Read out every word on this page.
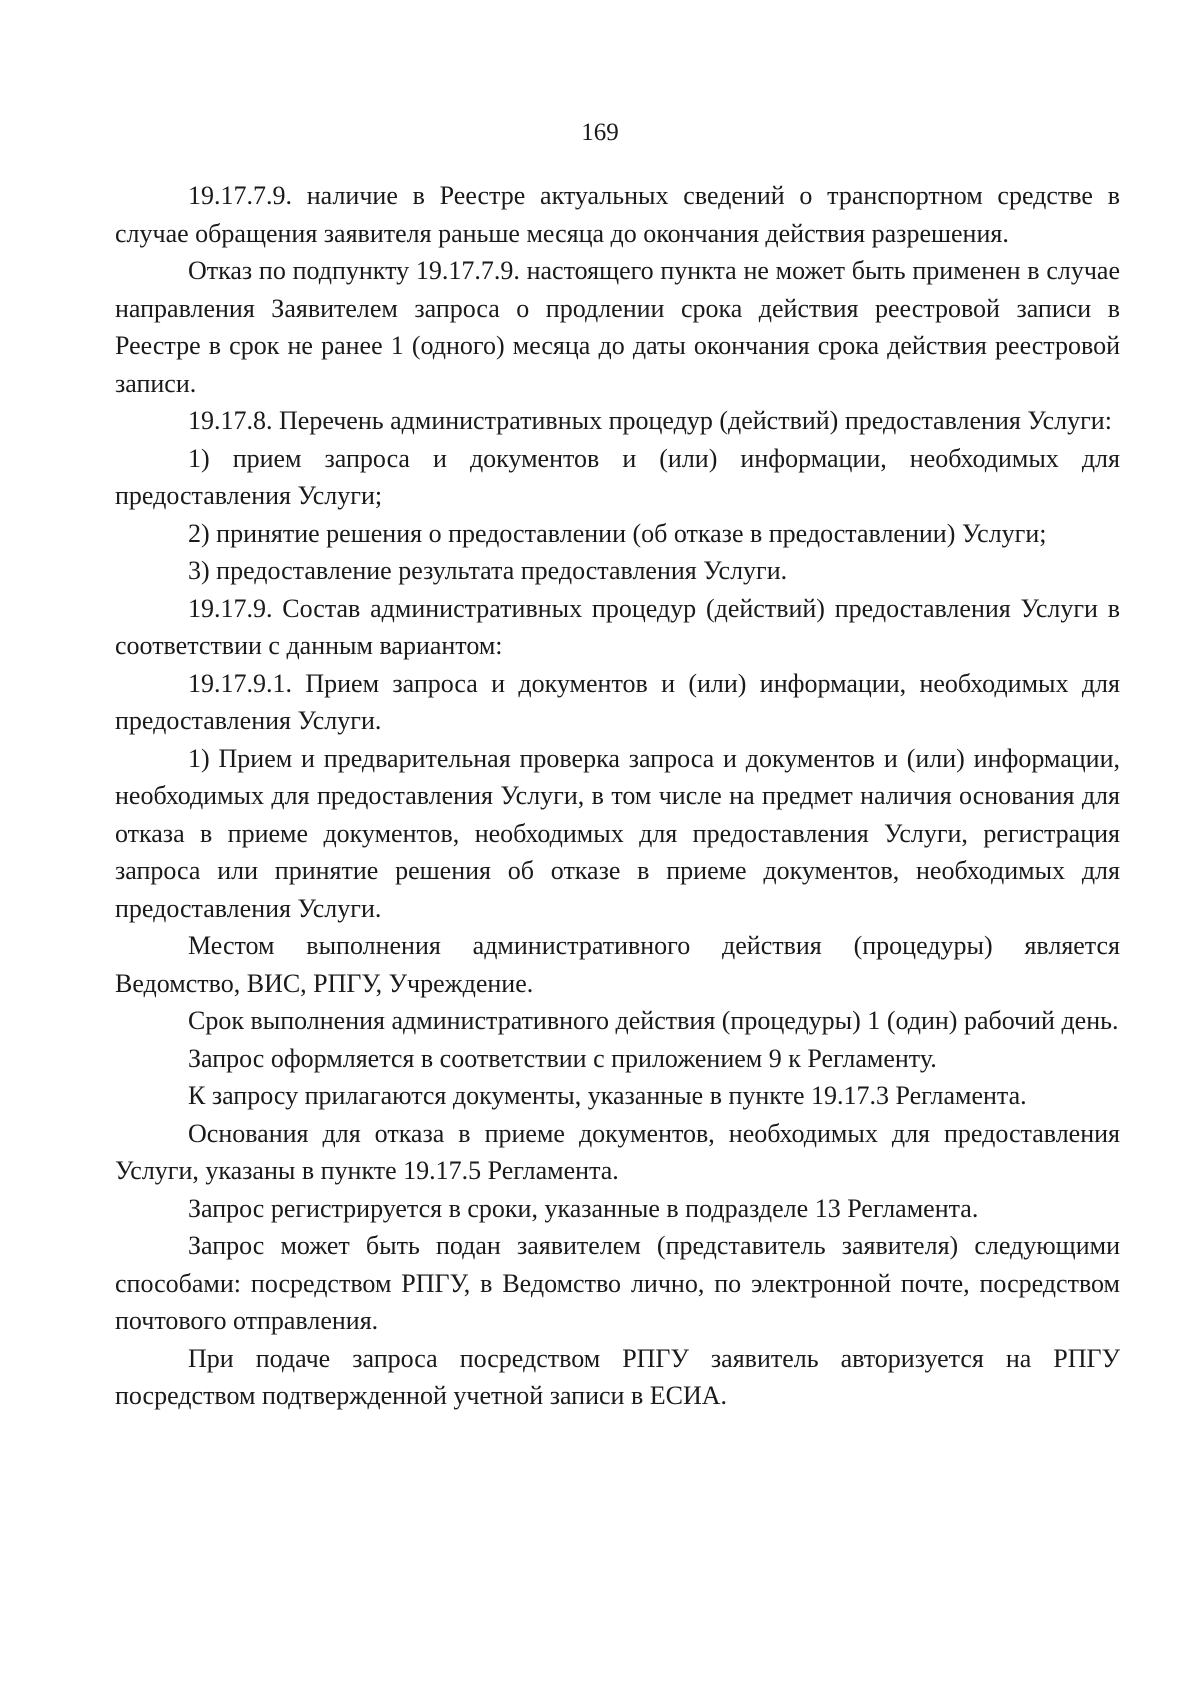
169

19.17.7.9. наличие в Реестре актуальных сведений о транспортном средстве в случае обращения заявителя раньше месяца до окончания действия разрешения.

Отказ по подпункту 19.17.7.9. настоящего пункта не может быть применен в случае направления Заявителем запроса о продлении срока действия реестровой записи в Реестре в срок не ранее 1 (одного) месяца до даты окончания срока действия реестровой записи.

19.17.8. Перечень административных процедур (действий) предоставления Услуги:

1) прием запроса и документов и (или) информации, необходимых для предоставления Услуги;

2) принятие решения о предоставлении (об отказе в предоставлении) Услуги;

3) предоставление результата предоставления Услуги.

19.17.9. Состав административных процедур (действий) предоставления Услуги в соответствии с данным вариантом:

19.17.9.1. Прием запроса и документов и (или) информации, необходимых для предоставления Услуги.

1) Прием и предварительная проверка запроса и документов и (или) информации, необходимых для предоставления Услуги, в том числе на предмет наличия основания для отказа в приеме документов, необходимых для предоставления Услуги, регистрация запроса или принятие решения об отказе в приеме документов, необходимых для предоставления Услуги.

Местом выполнения административного действия (процедуры) является Ведомство, ВИС, РПГУ, Учреждение.

Срок выполнения административного действия (процедуры) 1 (один) рабочий день.

Запрос оформляется в соответствии с приложением 9 к Регламенту.

К запросу прилагаются документы, указанные в пункте 19.17.3 Регламента.

Основания для отказа в приеме документов, необходимых для предоставления Услуги, указаны в пункте 19.17.5 Регламента.

Запрос регистрируется в сроки, указанные в подразделе 13 Регламента.

Запрос может быть подан заявителем (представитель заявителя) следующими способами: посредством РПГУ, в Ведомство лично, по электронной почте, посредством почтового отправления.

При подаче запроса посредством РПГУ заявитель авторизуется на РПГУ посредством подтвержденной учетной записи в ЕСИА.
